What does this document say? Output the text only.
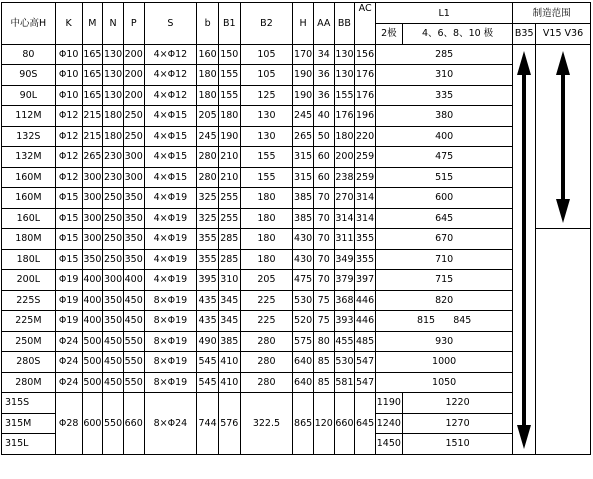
中心高H	K	M	N	P	S	b	B1	B2	H	AA	BB	AC	L1		制造范围	
													2极	4、6、8、10 极	B35	V15 V36
80	Φ10	165	130	200	4×Φ12	160	150	105	170	34	130	156	285		

90S	Φ10	165	130	200	4×Φ12	180	155	105	190	36	130	176	310			
90L	Φ10	165	130	200	4×Φ12	180	155	125	190	36	155	176	335			
112M	Φ12	215	180	250	4×Φ15	205	180	130	245	40	176	196	380			
132S	Φ12	215	180	250	4×Φ15	245	190	130	265	50	180	220	400			
132M	Φ12	265	230	300	4×Φ15	280	210	155	315	60	200	259	475			
160M	Φ12	300	230	300	4×Φ15	280	210	155	315	60	238	259	515			
160M	Φ15	300	250	350	4×Φ19	325	255	180	385	70	270	314	600			
160L	Φ15	300	250	350	4×Φ19	325	255	180	385	70	314	314	645			
180M	Φ15	300	250	350	4×Φ19	355	285	180	430	70	311	355	670			
180L	Φ15	350	250	350	4×Φ19	355	285	180	430	70	349	355	710			
200L	Φ19	400	300	400	4×Φ19	395	310	205	475	70	379	397	715			
225S	Φ19	400	350	450	8×Φ19	435	345	225	530	75	368	446	820			
225M	Φ19	400	350	450	8×Φ19	435	345	225	520	75	393	446	815      845			
250M	Φ24	500	450	550	8×Φ19	490	385	280	575	80	455	485	930			
280S	Φ24	500	450	550	8×Φ19	545	410	280	640	85	530	547	1000			
280M	Φ24	500	450	550	8×Φ19	545	410	280	640	85	581	547	1050			
315S	Φ28	600	550	660	8×Φ24	744	576	322.5	865	120	660	645	1190	1220		
315M													1240	1270		
315L													1450	1510		
